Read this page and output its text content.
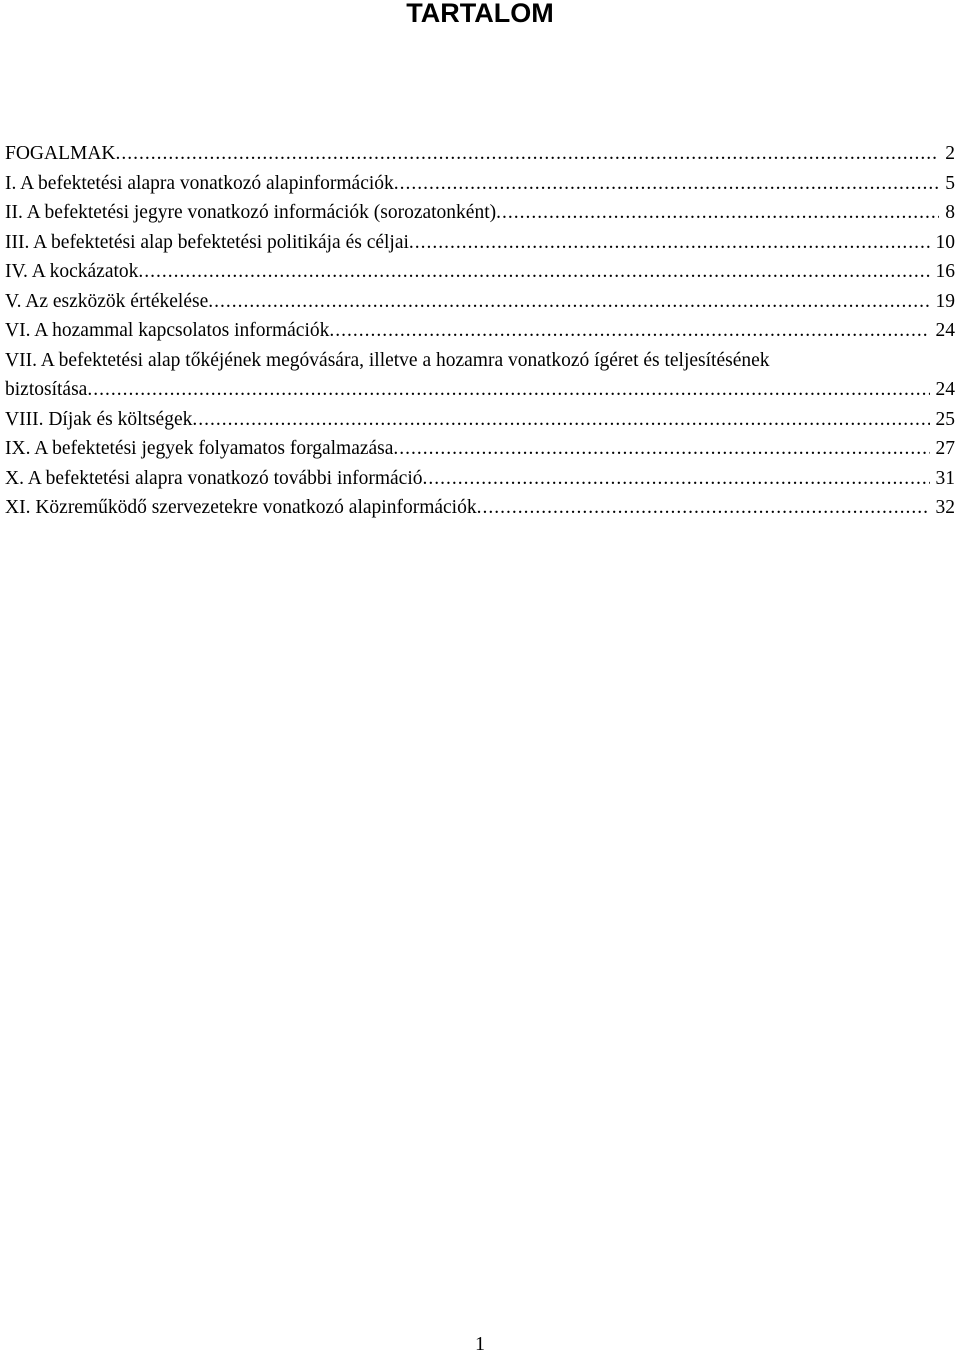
TARTALOM
FOGALMAK .....	2
I. A befektetési alapra vonatkozó alapinformációk .....	5
II. A befektetési jegyre vonatkozó információk (sorozatonként) .....	8
III. A befektetési alap befektetési politikája és céljai .....	10
IV. A kockázatok .....	16
V. Az eszközök értékelése .....	19
VI. A hozammal kapcsolatos információk .....	24
VII. A befektetési alap tőkéjének megóvására, illetve a hozamra vonatkozó ígéret és teljesítésének
biztosítása .....	24
VIII. Díjak és költségek .....	25
IX. A befektetési jegyek folyamatos forgalmazása .....	27
X. A befektetési alapra vonatkozó további információ .....	31
XI. Közreműködő szervezetekre vonatkozó alapinformációk .....	32
1
